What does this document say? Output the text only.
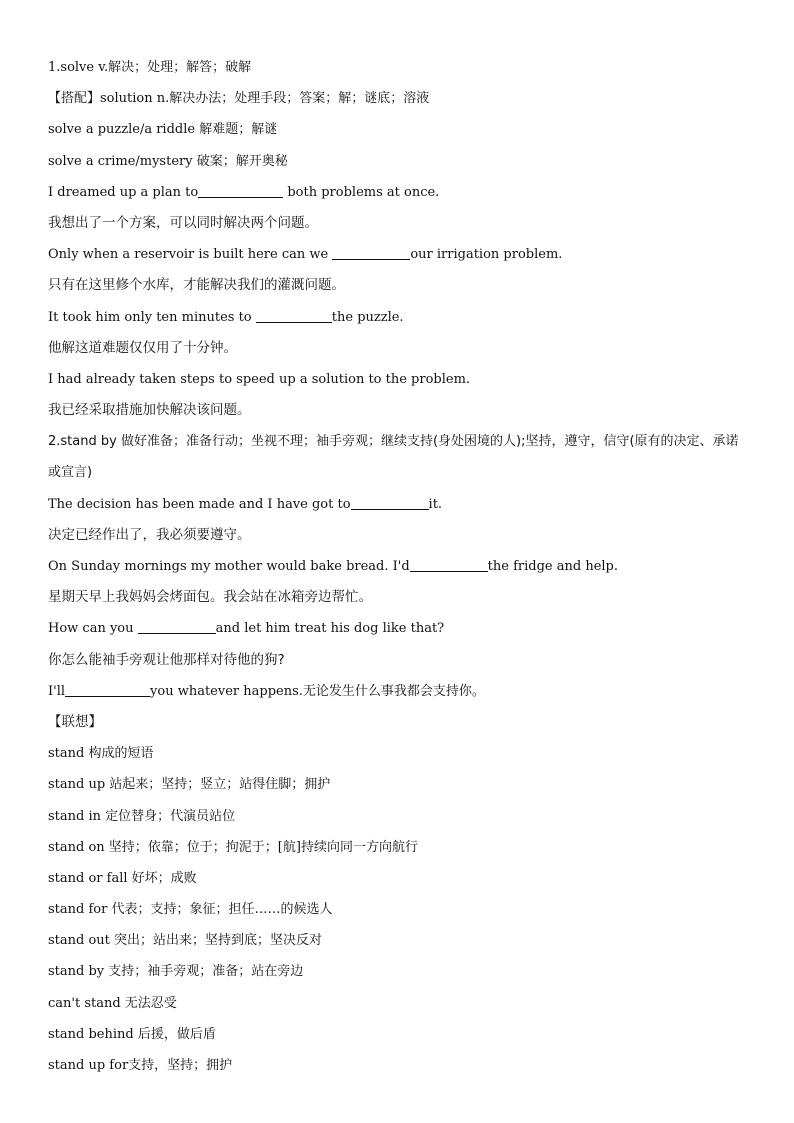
1.solve v.解决；处理；解答；破解
【搭配】solution n.解决办法；处理手段；答案；解；谜底；溶液
solve a puzzle/a riddle 解难题；解谜
solve a crime/mystery 破案；解开奥秘
I dreamed up a plan to	both problems at once.
我想出了一个方案，可以同时解决两个问题。
Only when a reservoir is built here can we	our irrigation problem.
只有在这里修个水库，才能解决我们的灌溉问题。
It took him only ten minutes to	the puzzle.
他解这道难题仅仅用了十分钟。
I had already taken steps to speed up a solution to the problem.
我已经采取措施加快解决该问题。
2.stand by 做好准备；准备行动；坐视不理；袖手旁观；继续支持(身处困境的人);坚持，遵守，信守(原有的决定、承诺或宣言)
The decision has been made and I have got to	it.
决定已经作出了，我必须要遵守。
On Sunday mornings my mother would bake bread. I'd	the fridge and help.
星期天早上我妈妈会烤面包。我会站在冰箱旁边帮忙。
How can you	and let him treat his dog like that?
你怎么能袖手旁观让他那样对待他的狗?
I'll	you whatever happens.无论发生什么事我都会支持你。
【联想】
stand 构成的短语
stand up 站起来；坚持；竖立；站得住脚；拥护
stand in 定位替身；代演员站位
stand on 坚持；依靠；位于；拘泥于；[航]持续向同一方向航行
stand or fall 好坏；成败
stand for 代表；支持；象征；担任……的候选人
stand out 突出；站出来；坚持到底；坚决反对
stand by 支持；袖手旁观；准备；站在旁边
can't stand 无法忍受
stand behind 后援，做后盾
stand up for支持，坚持；拥护
